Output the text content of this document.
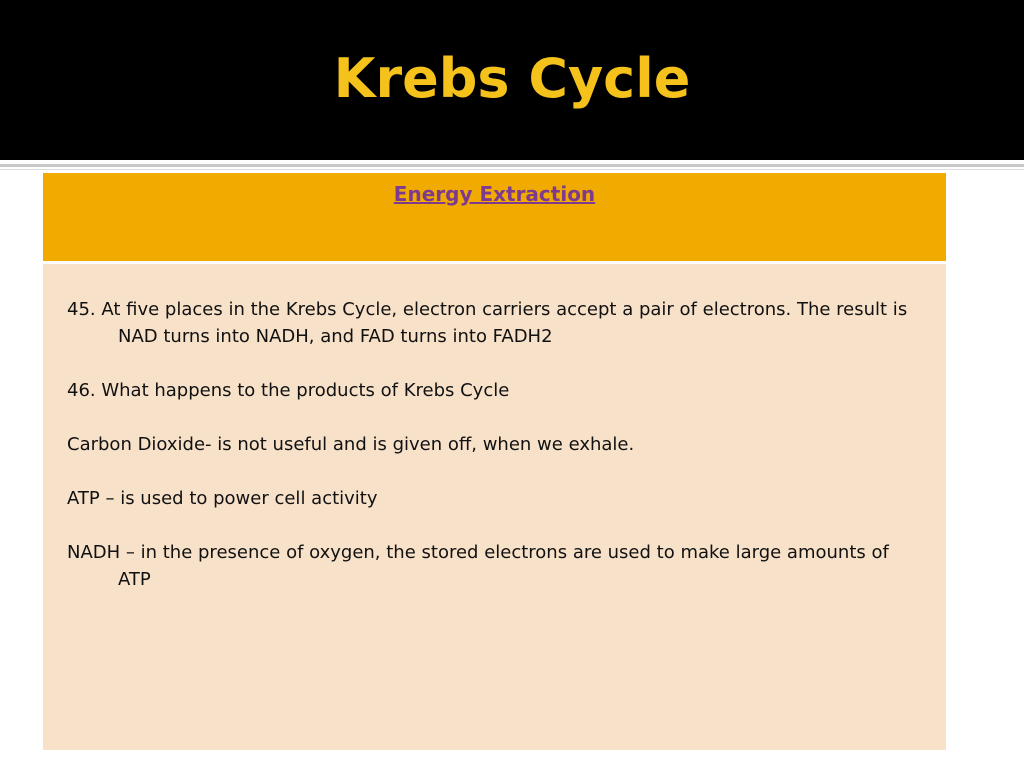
Krebs Cycle
Energy Extraction

45. At five places in the Krebs Cycle, electron carriers accept a pair of electrons. The result is NAD turns into NADH, and FAD turns into FADH2

46. What happens to the products of Krebs Cycle

Carbon Dioxide- is not useful and is given off, when we exhale.

ATP – is used to power cell activity

NADH – in the presence of oxygen, the stored electrons are used to make large amounts of ATP
